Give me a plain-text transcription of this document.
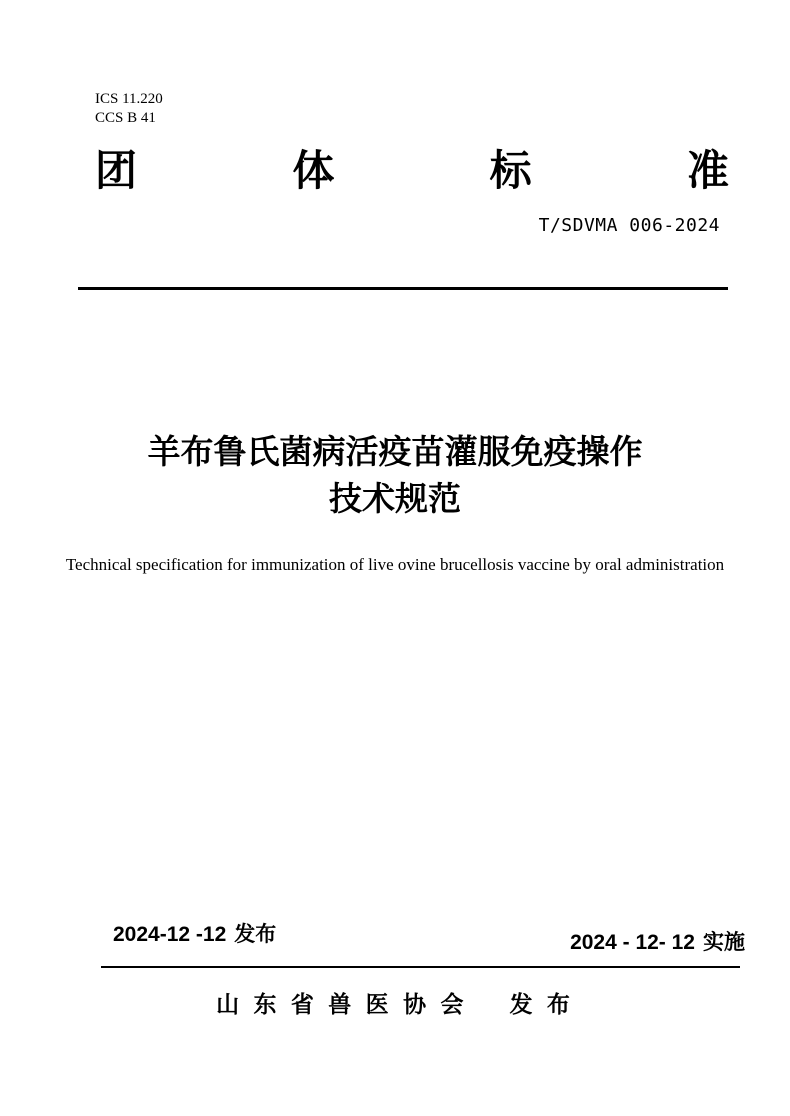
ICS 11.220
CCS B 41
团	体	标	准
T/SDVMA 006-2024
羊布鲁氏菌病活疫苗灌服免疫操作
技术规范
Technical specification for immunization of live ovine brucellosis vaccine by oral administration
2024-12 -12 发布	2024 - 12- 12 实施
山 东 省 兽 医 协 会 发 布
